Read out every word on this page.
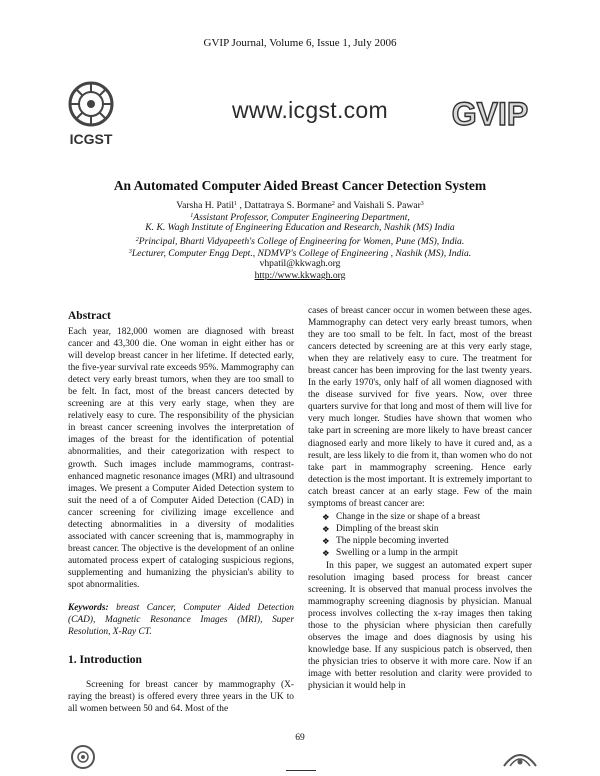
GVIP Journal, Volume 6, Issue 1, July 2006
ICGST
www.icgst.com GVIP
An Automated Computer Aided Breast Cancer Detection System
Varsha H. Patil$^1$ , Dattatraya S. Bormane$^2$ and Vaishali S. Pawar$^3$
$^1$Assistant Professor, Computer Engineering Department,
K. K. Wagh Institute of Engineering Education and Research, Nashik (MS) India
$^2$Principal, Bharti Vidyapeeth's College of Engineering for Women, Pune (MS), India.
$^3$Lecturer, Computer Engg Dept., NDMVP's College of Engineering , Nashik (MS), India.
vhpatil@kkwagh.org
http://www.kkwagh.org
Abstract

Each year, 182,000 women are diagnosed with breast cancer and 43,300 die. One woman in eight either has or will develop breast cancer in her lifetime. If detected early, the five-year survival rate exceeds 95%. Mammography can detect very early breast tumors, when they are too small to be felt. In fact, most of the breast cancers detected by screening are at this very early stage, when they are relatively easy to cure. The responsibility of the physician in breast cancer screening involves the interpretation of images of the breast for the identification of potential abnormalities, and their categorization with respect to growth. Such images include mammograms, contrast-enhanced magnetic resonance images (MRI) and ultrasound images. We present a Computer Aided Detection system to suit the need of a of Computer Aided Detection (CAD) in cancer screening for civilizing image excellence and detecting abnormalities in a diversity of modalities associated with cancer screening that is, mammography in breast cancer. The objective is the development of an online automated process expert of cataloging suspicious regions, supplementing and humanizing the physician's ability to spot abnormalities.

Keywords: breast Cancer, Computer Aided Detection (CAD), Magnetic Resonance Images (MRI), Super Resolution, X-Ray CT.

1. Introduction

Screening for breast cancer by mammography (X-raying the breast) is offered every three years in the UK to all women between 50 and 64. Most of the

cases of breast cancer occur in women between these ages. Mammography can detect very early breast tumors, when they are too small to be felt. In fact, most of the breast cancers detected by screening are at this very early stage, when they are relatively easy to cure. The treatment for breast cancer has been improving for the last twenty years. In the early 1970's, only half of all women diagnosed with the disease survived for five years. Now, over three quarters survive for that long and most of them will live for very much longer. Studies have shown that women who take part in screening are more likely to have breast cancer diagnosed early and more likely to have it cured and, as a result, are less likely to die from it, than women who do not take part in mammography screening. Hence early detection is the most important. It is extremely important to catch breast cancer at an early stage. Few of the main symptoms of breast cancer are:

❖ Change in the size or shape of a breast
❖ Dimpling of the breast skin
❖ The nipple becoming inverted
❖ Swelling or a lump in the armpit

In this paper, we suggest an automated expert super resolution imaging based process for breast cancer screening. It is observed that manual process involves the mammography screening diagnosis by physician. Manual process involves collecting the x-ray images then taking those to the physician where physician then carefully observes the image and does diagnosis by using his knowledge base. If any suspicious patch is observed, then the physician tries to observe it with more care. Now if an image with better resolution and clarity were provided to physician it would help in

69
